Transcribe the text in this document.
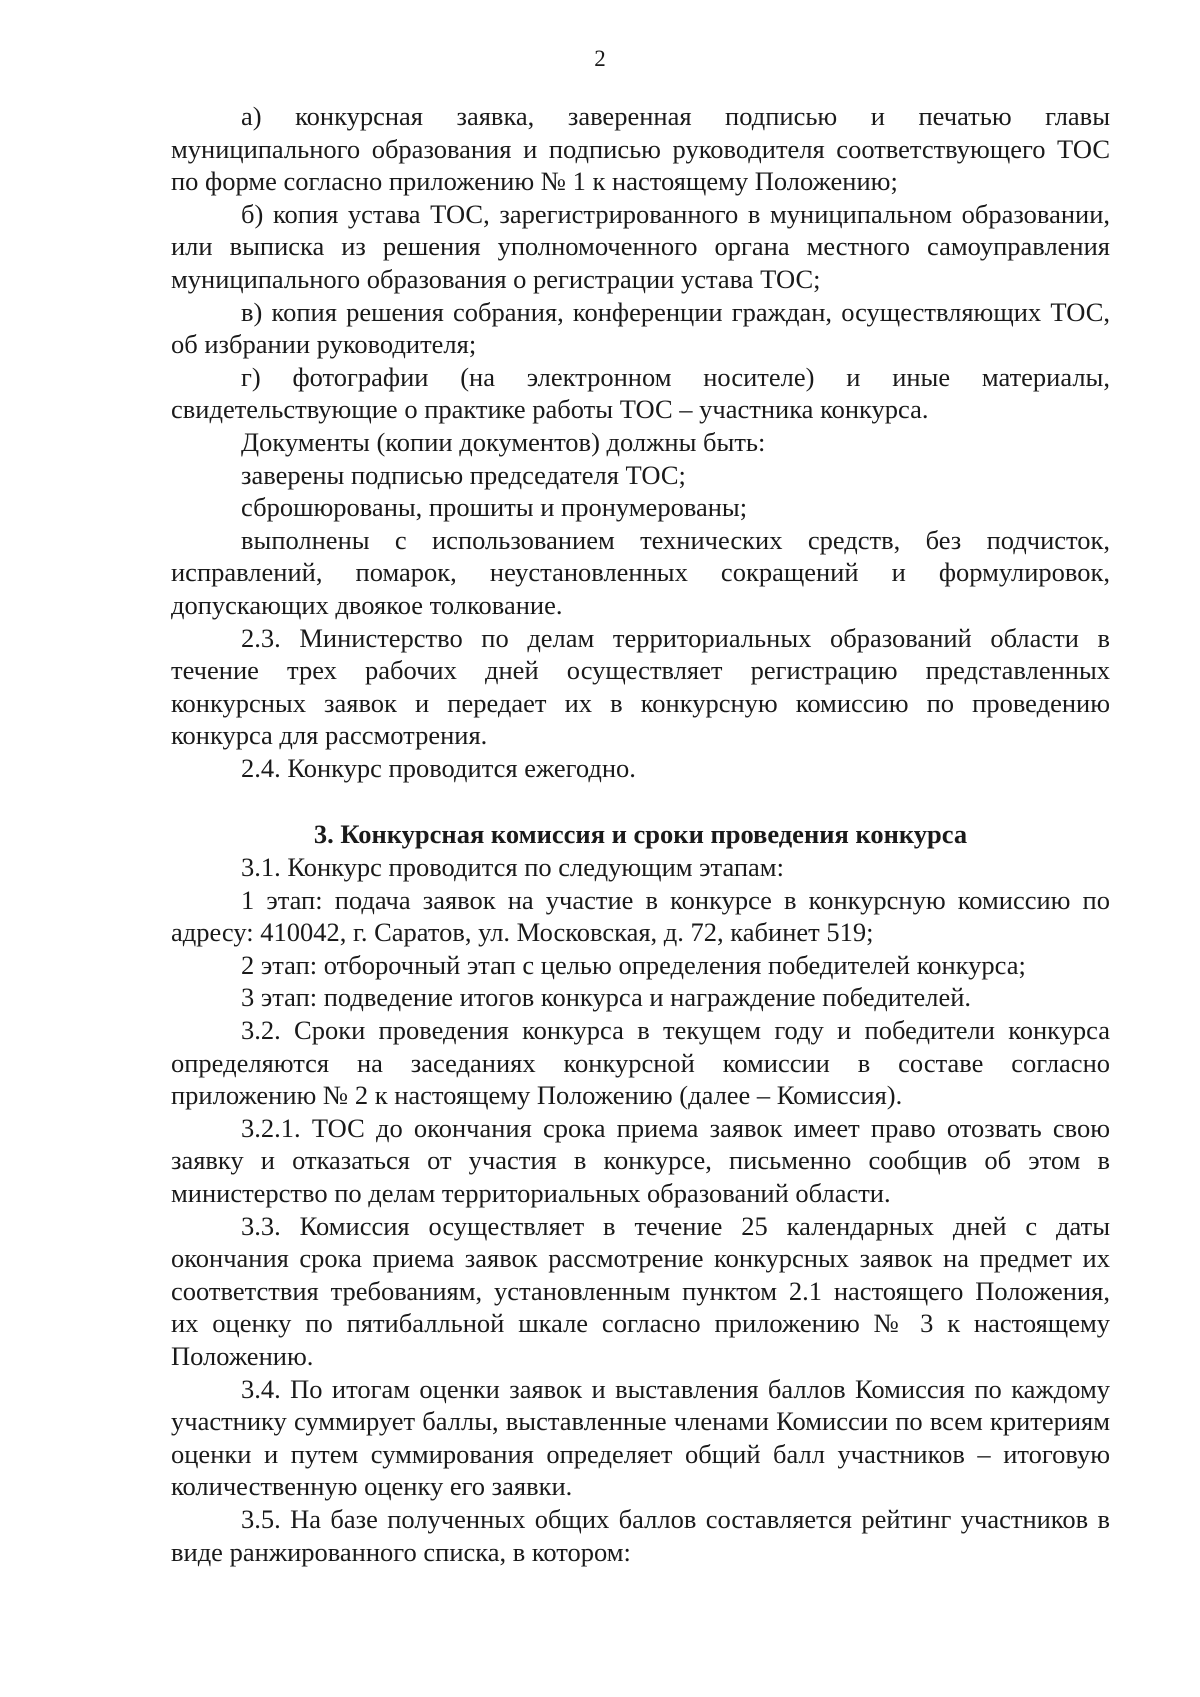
2

а) конкурсная заявка, заверенная подписью и печатью главы муниципального образования и подписью руководителя соответствующего ТОС по форме согласно приложению № 1 к настоящему Положению;

б) копия устава ТОС, зарегистрированного в муниципальном образовании, или выписка из решения уполномоченного органа местного самоуправления муниципального образования о регистрации устава ТОС;

в) копия решения собрания, конференции граждан, осуществляющих ТОС, об избрании руководителя;

г) фотографии (на электронном носителе) и иные материалы, свидетельствующие о практике работы ТОС – участника конкурса.

Документы (копии документов) должны быть:

заверены подписью председателя ТОС;

сброшюрованы, прошиты и пронумерованы;

выполнены с использованием технических средств, без подчисток, исправлений, помарок, неустановленных сокращений и формулировок, допускающих двоякое толкование.

2.3. Министерство по делам территориальных образований области в течение трех рабочих дней осуществляет регистрацию представленных конкурсных заявок и передает их в конкурсную комиссию по проведению конкурса для рассмотрения.

2.4. Конкурс проводится ежегодно.

3. Конкурсная комиссия и сроки проведения конкурса

3.1. Конкурс проводится по следующим этапам:

1 этап: подача заявок на участие в конкурсе в конкурсную комиссию по адресу: 410042, г. Саратов, ул. Московская, д. 72, кабинет 519;

2 этап: отборочный этап с целью определения победителей конкурса;

3 этап: подведение итогов конкурса и награждение победителей.

3.2. Сроки проведения конкурса в текущем году и победители конкурса определяются на заседаниях конкурсной комиссии в составе согласно приложению № 2 к настоящему Положению (далее – Комиссия).

3.2.1. ТОС до окончания срока приема заявок имеет право отозвать свою заявку и отказаться от участия в конкурсе, письменно сообщив об этом в министерство по делам территориальных образований области.

3.3. Комиссия осуществляет в течение 25 календарных дней с даты окончания срока приема заявок рассмотрение конкурсных заявок на предмет их соответствия требованиям, установленным пунктом 2.1 настоящего Положения, их оценку по пятибалльной шкале согласно приложению № 3 к настоящему Положению.

3.4. По итогам оценки заявок и выставления баллов Комиссия по каждому участнику суммирует баллы, выставленные членами Комиссии по всем критериям оценки и путем суммирования определяет общий балл участников – итоговую количественную оценку его заявки.

3.5. На базе полученных общих баллов составляется рейтинг участников в виде ранжированного списка, в котором:
